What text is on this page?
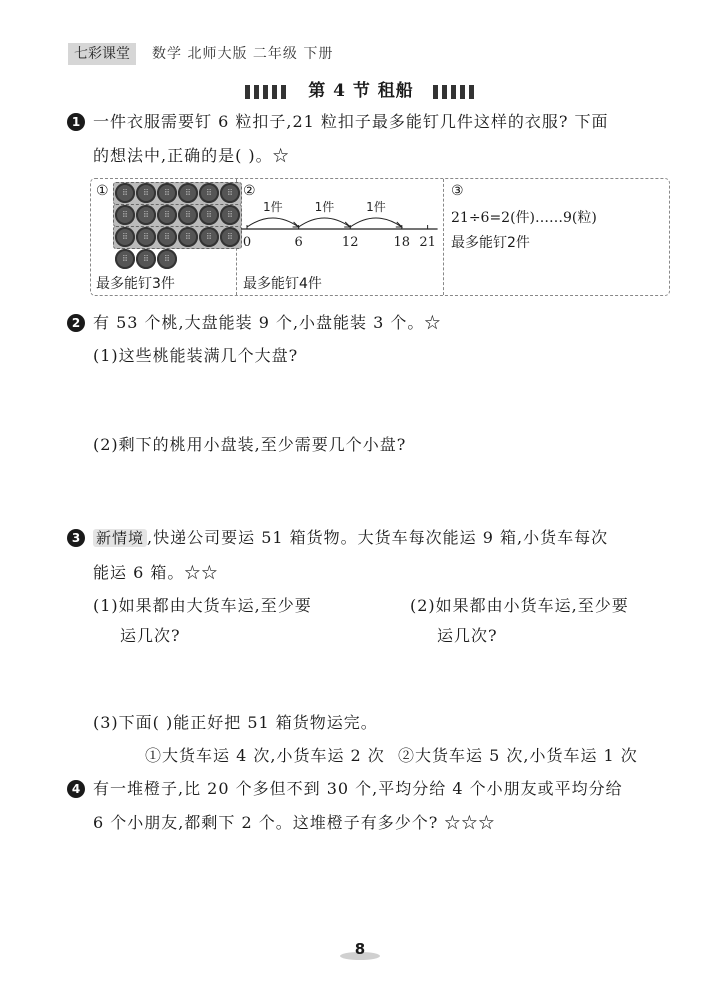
七彩课堂	数学 北师大版 二年级 下册
第 4 节 租船
1 一件衣服需要钉 6 粒扣子,21 粒扣子最多能钉几件这样的衣服? 下面
的想法中,正确的是( )。☆
①	⁞⁞	⁞⁞	⁞⁞	⁞⁞	⁞⁞	⁞⁞
⁞⁞	⁞⁞	⁞⁞	⁞⁞	⁞⁞	⁞⁞
⁞⁞	⁞⁞	⁞⁞	⁞⁞	⁞⁞	⁞⁞
⁞⁞	⁞⁞	⁞⁞
最多能钉3件
②
0	6	12	18 21
1件	1件	1件
最多能钉4件
③
21÷6=2(件)……9(粒)
最多能钉2件
2 有 53 个桃,大盘能装 9 个,小盘能装 3 个。☆
(1)这些桃能装满几个大盘?
(2)剩下的桃用小盘装,至少需要几个小盘?
3	新情境 ,快递公司要运 51 箱货物。大货车每次能运 9 箱,小货车每次
能运 6 箱。☆☆
(1)如果都由大货车运,至少要
运几次?
(2)如果都由小货车运,至少要
运几次?
(3)下面( )能正好把 51 箱货物运完。
①大货车运 4 次,小货车运 2 次 ②大货车运 5 次,小货车运 1 次
4 有一堆橙子,比 20 个多但不到 30 个,平均分给 4 个小朋友或平均分给
6 个小朋友,都剩下 2 个。这堆橙子有多少个? ☆☆☆
8
